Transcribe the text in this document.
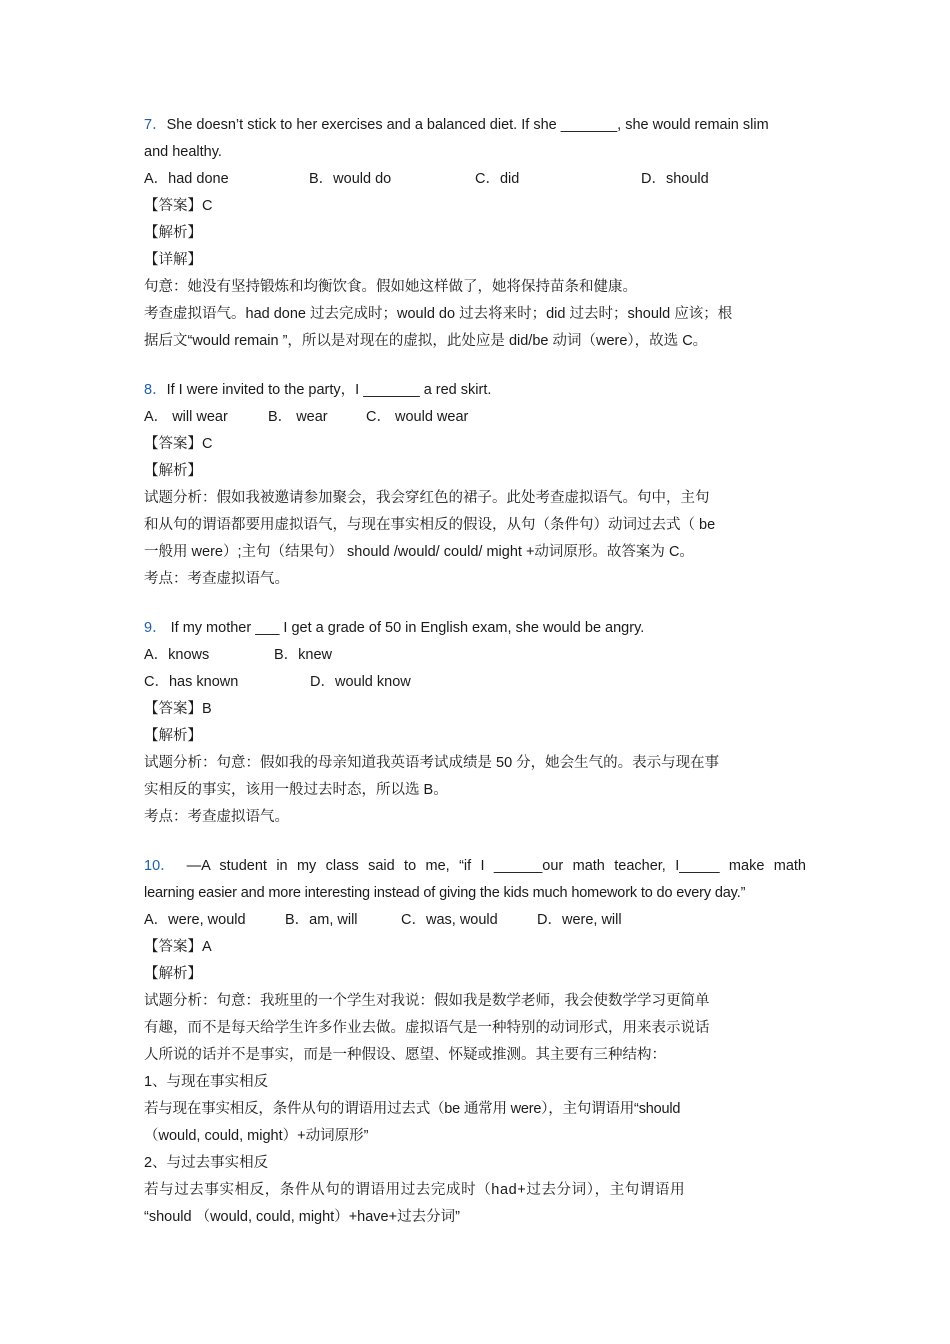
7．She doesn’t stick to her exercises and a balanced diet. If she _______, she would remain slim
and healthy.
A．had done	B．would do	C．did	D．should
【答案】C
【解析】
【详解】
句意：她没有坚持锻炼和均衡饮食。假如她这样做了，她将保持苗条和健康。
考查虚拟语气。had done 过去完成时；would do 过去将来时；did 过去时；should 应该；根
据后文“would remain ”，所以是对现在的虚拟，此处应是 did/be 动词（were），故选 C。
8．If I were invited to the party，I _______ a red skirt.
A． will wear	B． wear	C． would wear
【答案】C
【解析】
试题分析：假如我被邀请参加聚会，我会穿红色的裙子。此处考查虚拟语气。句中，主句
和从句的谓语都要用虚拟语气，与现在事实相反的假设，从句（条件句）动词过去式（ be
一般用 were）;主句（结果句） should /would/ could/ might +动词原形。故答案为 C。
考点：考查虚拟语气。
9． If my mother ___ I get a grade of 50 in English exam, she would be angry.
A．knows	B．knew
C．has known	D．would know
【答案】B
【解析】
试题分析：句意：假如我的母亲知道我英语考试成绩是 50 分，她会生气的。表示与现在事
实相反的事实，该用一般过去时态，所以选 B。
考点：考查虚拟语气。
10． —A student in my class said to me, “if I ______our math teacher, I_____ make math
learning easier and more interesting instead of giving the kids much homework to do every day.”
A．were, would	B．am, will	C．was, would	D．were, will
【答案】A
【解析】
试题分析：句意：我班里的一个学生对我说：假如我是数学老师，我会使数学学习更简单
有趣，而不是每天给学生许多作业去做。虚拟语气是一种特别的动词形式，用来表示说话
人所说的话并不是事实，而是一种假设、愿望、怀疑或推测。其主要有三种结构：
1、与现在事实相反
若与现在事实相反，条件从句的谓语用过去式（be 通常用 were），主句谓语用“should
（would, could, might）+动词原形”
2、与过去事实相反
若与过去事实相反，条件从句的谓语用过去完成时（had+过去分词），主句谓语用
“should （would, could, might）+have+过去分词”
